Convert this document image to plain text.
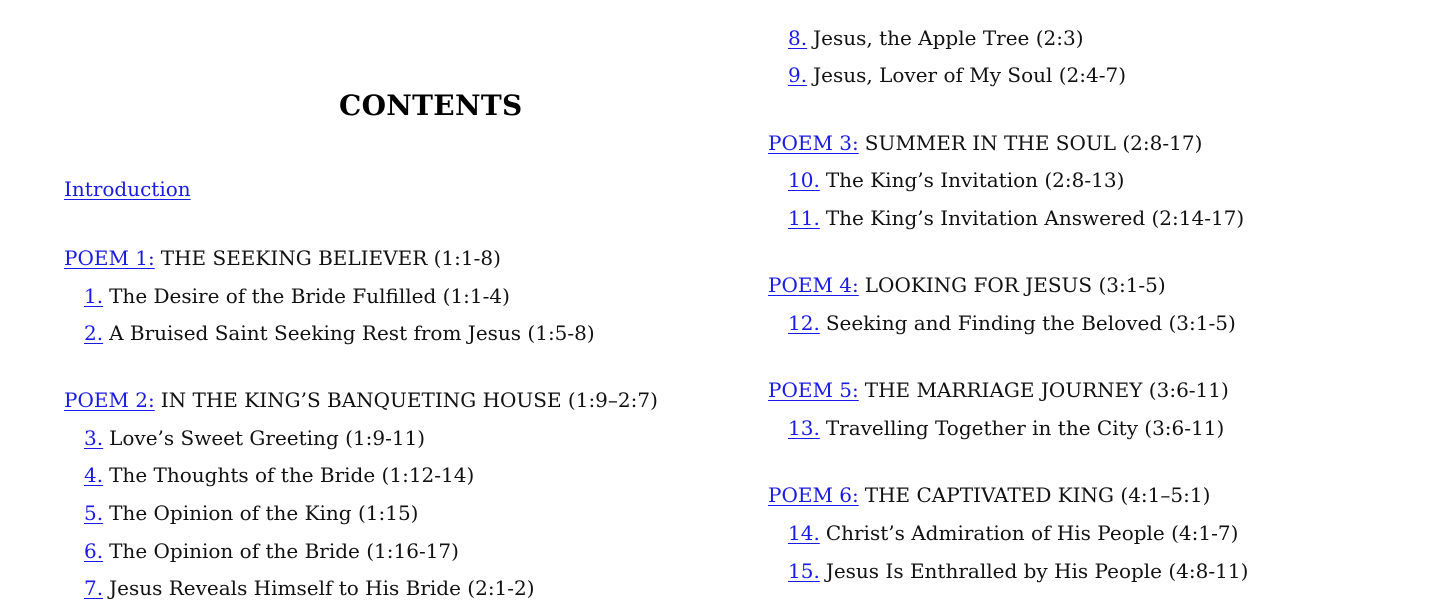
CONTENTS
Introduction
POEM 1: THE SEEKING BELIEVER (1:1-8)
1. The Desire of the Bride Fulfilled (1:1-4)
2. A Bruised Saint Seeking Rest from Jesus (1:5-8)
POEM 2: IN THE KING’S BANQUETING HOUSE (1:9–2:7)
3. Love’s Sweet Greeting (1:9-11)
4. The Thoughts of the Bride (1:12-14)
5. The Opinion of the King (1:15)
6. The Opinion of the Bride (1:16-17)
7. Jesus Reveals Himself to His Bride (2:1-2)
8. Jesus, the Apple Tree (2:3)
9. Jesus, Lover of My Soul (2:4-7)
POEM 3: SUMMER IN THE SOUL (2:8-17)
10. The King’s Invitation (2:8-13)
11. The King’s Invitation Answered (2:14-17)
POEM 4: LOOKING FOR JESUS (3:1-5)
12. Seeking and Finding the Beloved (3:1-5)
POEM 5: THE MARRIAGE JOURNEY (3:6-11)
13. Travelling Together in the City (3:6-11)
POEM 6: THE CAPTIVATED KING (4:1–5:1)
14. Christ’s Admiration of His People (4:1-7)
15. Jesus Is Enthralled by His People (4:8-11)
